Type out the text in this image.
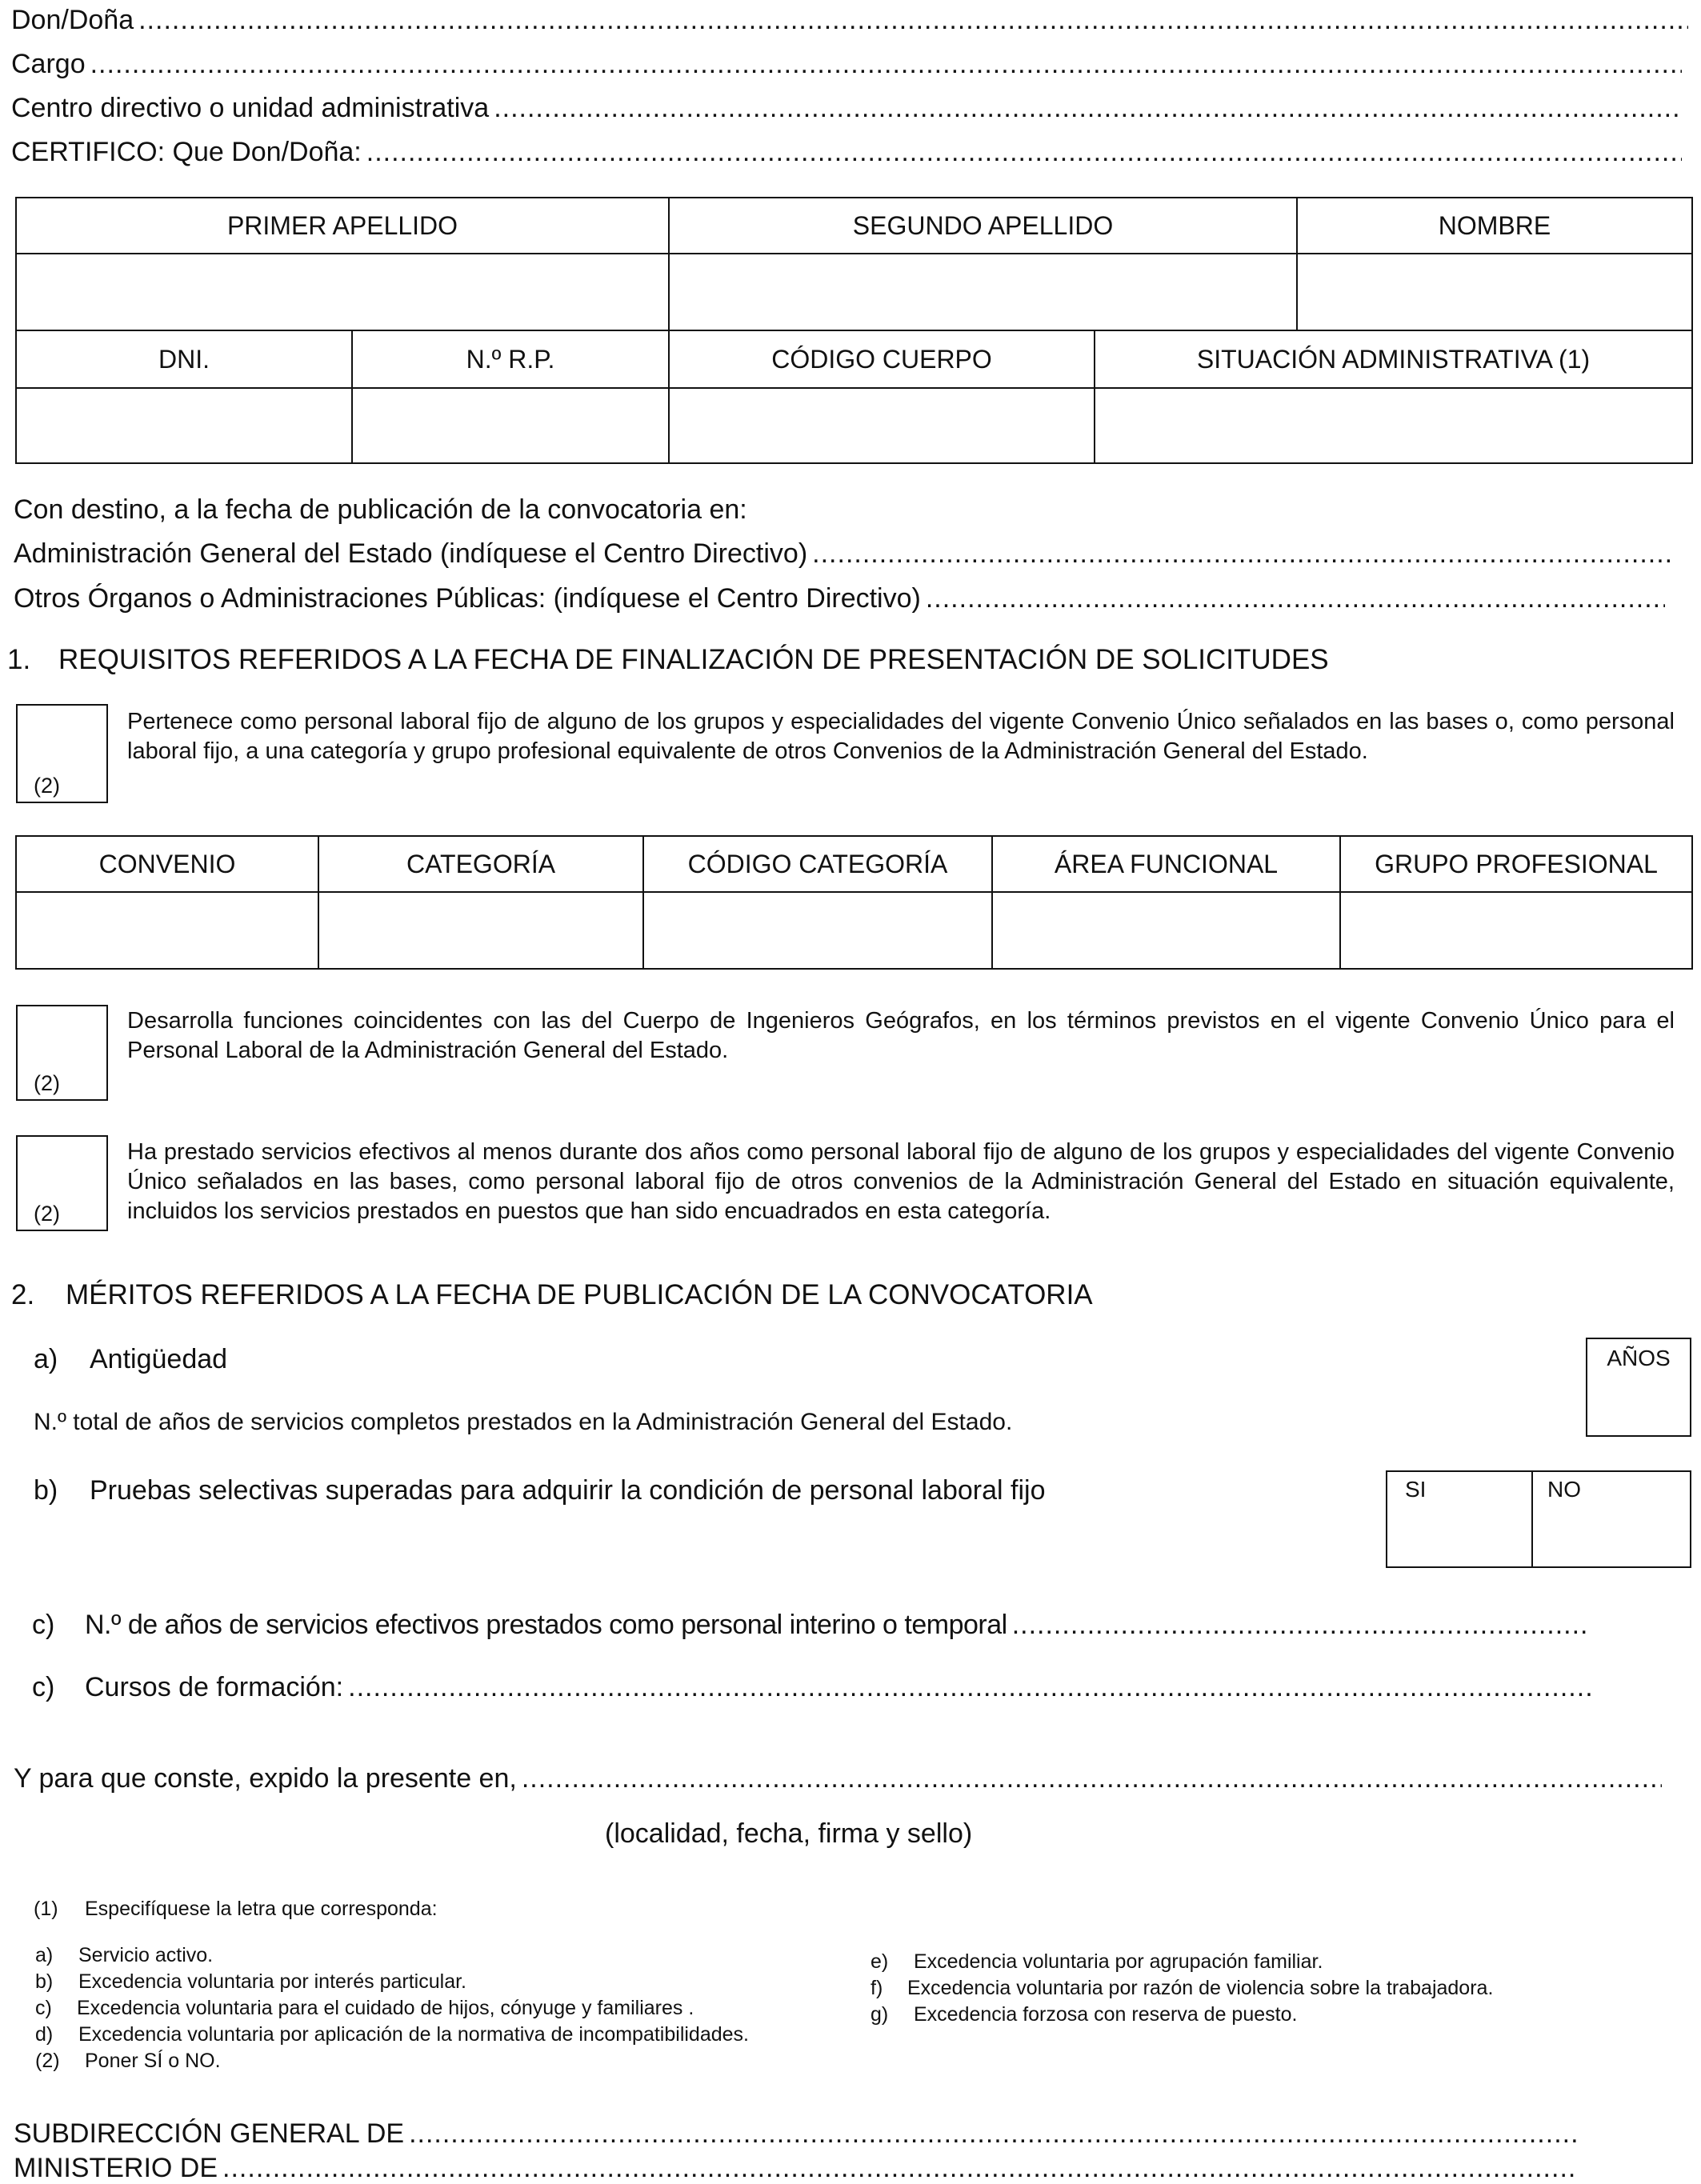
Don/Doña
.....
Cargo
.....
Centro directivo o unidad administrativa
.....
CERTIFICO: Que Don/Doña:
.....
PRIMER APELLIDO	SEGUNDO APELLIDO	NOMBRE
DNI.	N.º R.P.	CÓDIGO CUERPO	SITUACIÓN ADMINISTRATIVA (1)
Con destino, a la fecha de publicación de la convocatoria en:
Administración General del Estado (indíquese el Centro Directivo)
.....
Otros Órganos o Administraciones Públicas: (indíquese el Centro Directivo)
.....
1. REQUISITOS REFERIDOS A LA FECHA DE FINALIZACIÓN DE PRESENTACIÓN DE SOLICITUDES
(2)
Pertenece como personal laboral fijo de alguno de los grupos y especialidades del vigente Convenio Único señalados en las bases o, como personal laboral fijo, a una categoría y grupo profesional equivalente de otros Convenios de la Administración General del Estado.
CONVENIO	CATEGORÍA	CÓDIGO CATEGORÍA	ÁREA FUNCIONAL	GRUPO PROFESIONAL
(2)
Desarrolla funciones coincidentes con las del Cuerpo de Ingenieros Geógrafos, en los términos previstos en el vigente Convenio Único para el Personal Laboral de la Administración General del Estado.
(2)
Ha prestado servicios efectivos al menos durante dos años como personal laboral fijo de alguno de los grupos y especialidades del vigente Convenio Único señalados en las bases, como personal laboral fijo de otros convenios de la Administración General del Estado en situación equivalente, incluidos los servicios prestados en puestos que han sido encuadrados en esta categoría.
2. MÉRITOS REFERIDOS A LA FECHA DE PUBLICACIÓN DE LA CONVOCATORIA
a) Antigüedad
N.º total de años de servicios completos prestados en la Administración General del Estado.
AÑOS
b) Pruebas selectivas superadas para adquirir la condición de personal laboral fijo	SI	NO
c)	N.º de años de servicios efectivos prestados como personal interino o temporal
.....
c)	Cursos de formación:
.....
Y para que conste, expido la presente en,
.....
(localidad, fecha, firma y sello)
(1) Especifíquese la letra que corresponda:
a) Servicio activo.
b) Excedencia voluntaria por interés particular.
c) Excedencia voluntaria para el cuidado de hijos, cónyuge y familiares .
d) Excedencia voluntaria por aplicación de la normativa de incompatibilidades.
(2) Poner SÍ o NO.
e) Excedencia voluntaria por agrupación familiar.
f) Excedencia voluntaria por razón de violencia sobre la trabajadora.
g) Excedencia forzosa con reserva de puesto.
SUBDIRECCIÓN GENERAL DE
.....
MINISTERIO DE
.....
